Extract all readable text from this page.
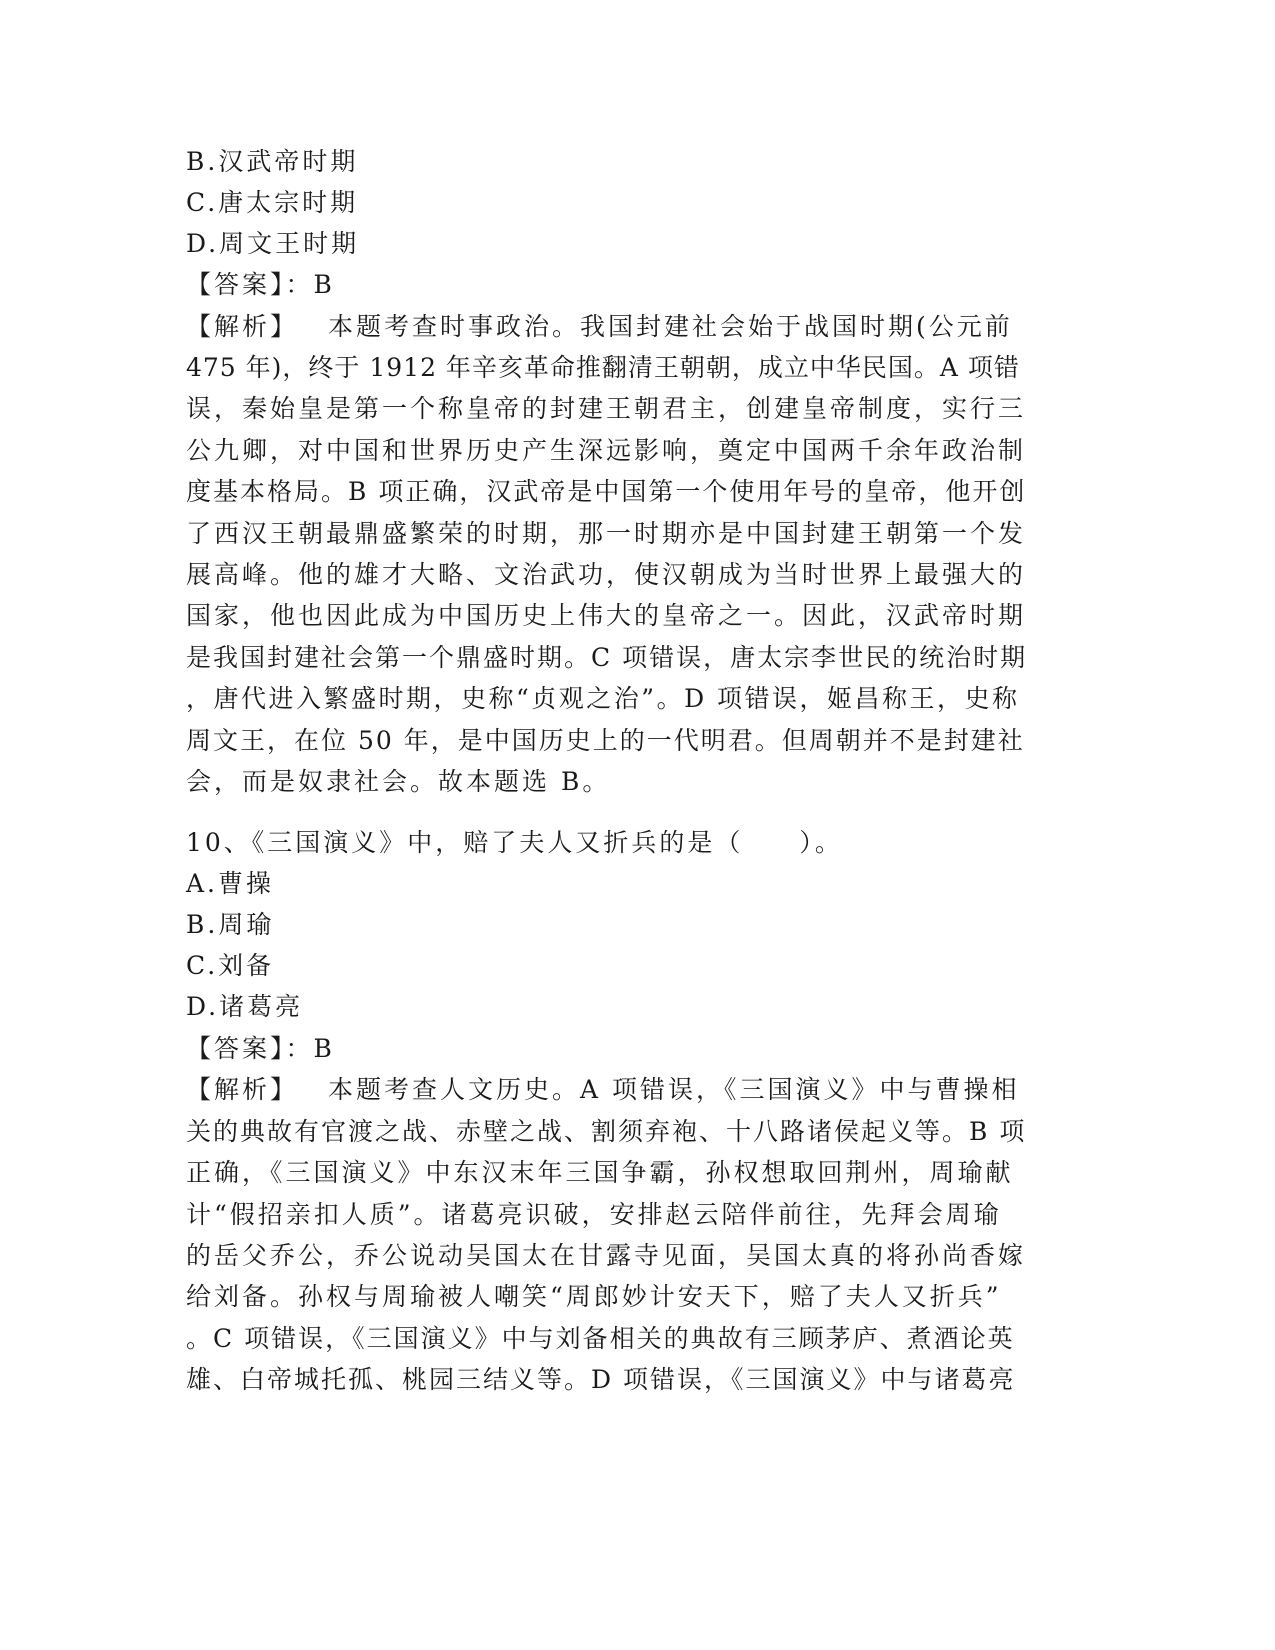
B.汉武帝时期
C.唐太宗时期
D.周文王时期
【答案】：B
【解析】 本题考查时事政治。我国封建社会始于战国时期(公元前
475 年)，终于 1912 年辛亥革命推翻清王朝朝，成立中华民国。A 项错
误，秦始皇是第一个称皇帝的封建王朝君主，创建皇帝制度，实行三
公九卿，对中国和世界历史产生深远影响，奠定中国两千余年政治制
度基本格局。B 项正确，汉武帝是中国第一个使用年号的皇帝，他开创
了西汉王朝最鼎盛繁荣的时期，那一时期亦是中国封建王朝第一个发
展高峰。他的雄才大略、文治武功，使汉朝成为当时世界上最强大的
国家，他也因此成为中国历史上伟大的皇帝之一。因此，汉武帝时期
是我国封建社会第一个鼎盛时期。C 项错误，唐太宗李世民的统治时期
，唐代进入繁盛时期，史称“贞观之治”。D 项错误，姬昌称王，史称
周文王，在位 50 年，是中国历史上的一代明君。但周朝并不是封建社
会，而是奴隶社会。故本题选 B。
10、《三国演义》中，赔了夫人又折兵的是（　　）。
A.曹操
B.周瑜
C.刘备
D.诸葛亮
【答案】：B
【解析】 本题考查人文历史。A 项错误，《三国演义》中与曹操相
关的典故有官渡之战、赤壁之战、割须弃袍、十八路诸侯起义等。B 项
正确，《三国演义》中东汉末年三国争霸，孙权想取回荆州，周瑜献
计“假招亲扣人质”。诸葛亮识破，安排赵云陪伴前往，先拜会周瑜
的岳父乔公，乔公说动吴国太在甘露寺见面，吴国太真的将孙尚香嫁
给刘备。孙权与周瑜被人嘲笑“周郎妙计安天下，赔了夫人又折兵”
。C 项错误，《三国演义》中与刘备相关的典故有三顾茅庐、煮酒论英
雄、白帝城托孤、桃园三结义等。D 项错误，《三国演义》中与诸葛亮
